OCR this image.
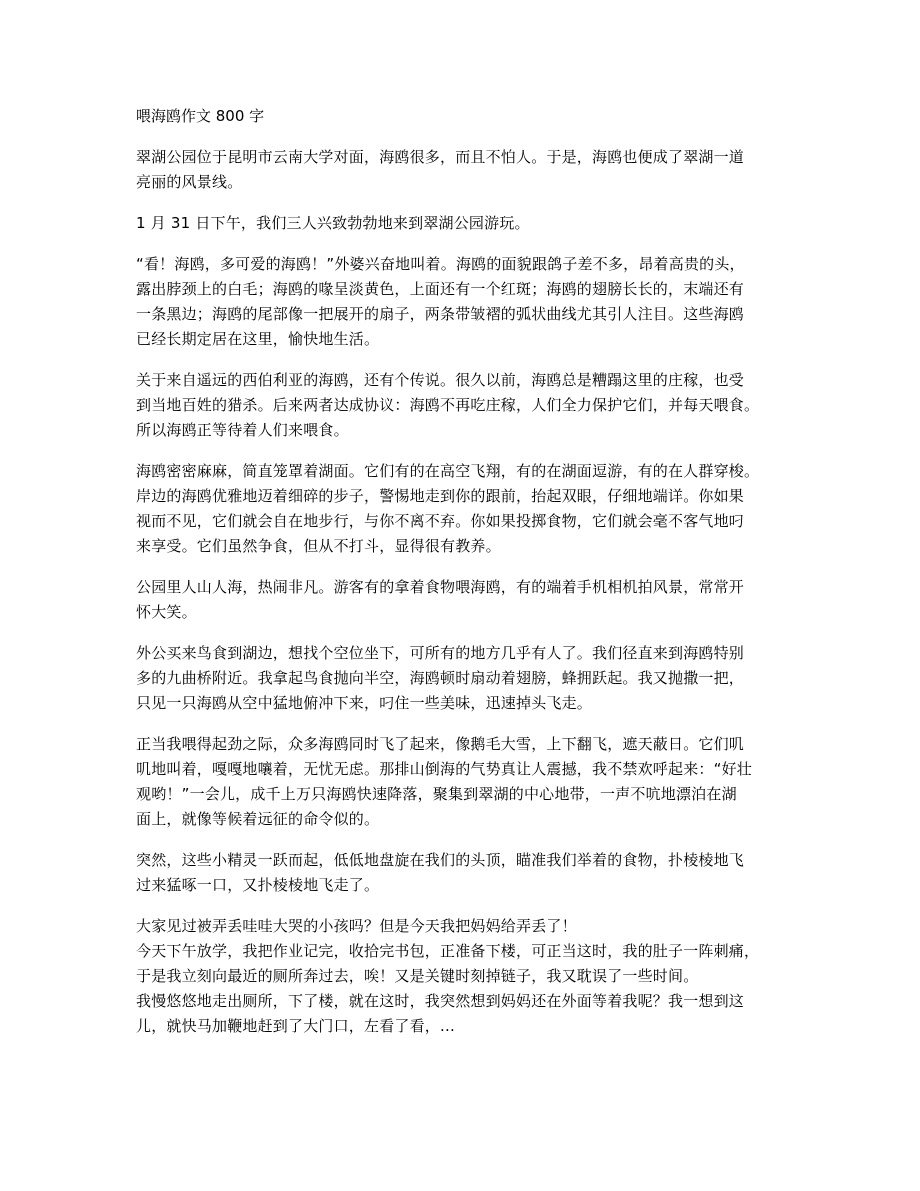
喂海鸥作文 800 字
翠湖公园位于昆明市云南大学对面，海鸥很多，而且不怕人。于是，海鸥也便成了翠湖一道
亮丽的风景线。
1 月 31 日下午，我们三人兴致勃勃地来到翠湖公园游玩。
“看！海鸥，多可爱的海鸥！”外婆兴奋地叫着。海鸥的面貌跟鸽子差不多，昂着高贵的头，
露出脖颈上的白毛；海鸥的喙呈淡黄色，上面还有一个红斑；海鸥的翅膀长长的，末端还有
一条黑边；海鸥的尾部像一把展开的扇子，两条带皱褶的弧状曲线尤其引人注目。这些海鸥
已经长期定居在这里，愉快地生活。
关于来自遥远的西伯利亚的海鸥，还有个传说。很久以前，海鸥总是糟蹋这里的庄稼，也受
到当地百姓的猎杀。后来两者达成协议：海鸥不再吃庄稼，人们全力保护它们，并每天喂食。
所以海鸥正等待着人们来喂食。
海鸥密密麻麻，简直笼罩着湖面。它们有的在高空飞翔，有的在湖面逗游，有的在人群穿梭。
岸边的海鸥优雅地迈着细碎的步子，警惕地走到你的跟前，抬起双眼，仔细地端详。你如果
视而不见，它们就会自在地步行，与你不离不弃。你如果投掷食物，它们就会毫不客气地叼
来享受。它们虽然争食，但从不打斗，显得很有教养。
公园里人山人海，热闹非凡。游客有的拿着食物喂海鸥，有的端着手机相机拍风景，常常开
怀大笑。
外公买来鸟食到湖边，想找个空位坐下，可所有的地方几乎有人了。我们径直来到海鸥特别
多的九曲桥附近。我拿起鸟食抛向半空，海鸥顿时扇动着翅膀，蜂拥跃起。我又抛撒一把，
只见一只海鸥从空中猛地俯冲下来，叼住一些美味，迅速掉头飞走。
正当我喂得起劲之际，众多海鸥同时飞了起来，像鹅毛大雪，上下翻飞，遮天蔽日。它们叽
叽地叫着，嘎嘎地嚷着，无忧无虑。那排山倒海的气势真让人震撼，我不禁欢呼起来：“好壮
观哟！”一会儿，成千上万只海鸥快速降落，聚集到翠湖的中心地带，一声不吭地漂泊在湖
面上，就像等候着远征的命令似的。
突然，这些小精灵一跃而起，低低地盘旋在我们的头顶，瞄准我们举着的食物，扑棱棱地飞
过来猛啄一口，又扑棱棱地飞走了。
大家见过被弄丢哇哇大哭的小孩吗？但是今天我把妈妈给弄丢了！
今天下午放学，我把作业记完，收拾完书包，正准备下楼，可正当这时，我的肚子一阵刺痛，
于是我立刻向最近的厕所奔过去，唉！又是关键时刻掉链子，我又耽误了一些时间。
我慢悠悠地走出厕所，下了楼，就在这时，我突然想到妈妈还在外面等着我呢？我一想到这
儿，就快马加鞭地赶到了大门口，左看了看，...
